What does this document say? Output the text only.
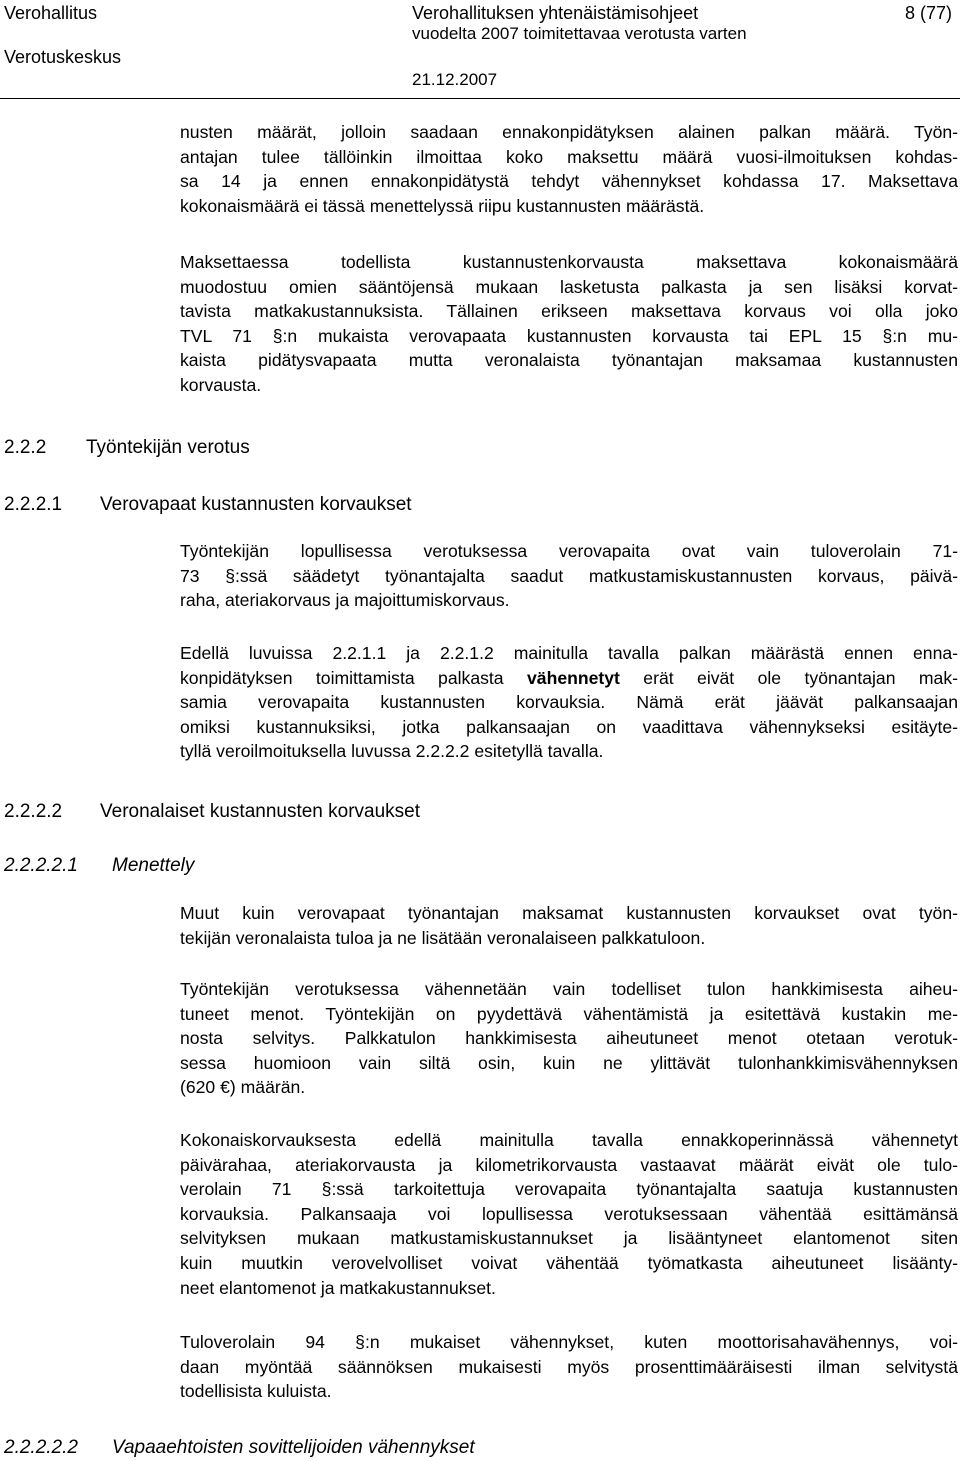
Verohallitus
Verotuskeskus
Verohallituksen yhtenäistämisohjeet
vuodelta 2007 toimitettavaa verotusta varten
21.12.2007
8 (77)
nusten määrät, jolloin saadaan ennakonpidätyksen alainen palkan määrä. Työn-
antajan tulee tällöinkin ilmoittaa koko maksettu määrä vuosi-ilmoituksen kohdas-
sa 14 ja ennen ennakonpidätystä tehdyt vähennykset kohdassa 17. Maksettava
kokonaismäärä ei tässä menettelyssä riipu kustannusten määrästä.
Maksettaessa todellista kustannustenkorvausta maksettava kokonaismäärä
muodostuu omien sääntöjensä mukaan lasketusta palkasta ja sen lisäksi korvat-
tavista matkakustannuksista. Tällainen erikseen maksettava korvaus voi olla joko
TVL 71 §:n mukaista verovapaata kustannusten korvausta tai EPL 15 §:n mu-
kaista pidätysvapaata mutta veronalaista työnantajan maksamaa kustannusten
korvausta.
2.2.2 Työntekijän verotus
2.2.2.1 Verovapaat kustannusten korvaukset
Työntekijän lopullisessa verotuksessa verovapaita ovat vain tuloverolain 71-
73 §:ssä säädetyt työnantajalta saadut matkustamiskustannusten korvaus, päivä-
raha, ateriakorvaus ja majoittumiskorvaus.
Edellä luvuissa 2.2.1.1 ja 2.2.1.2 mainitulla tavalla palkan määrästä ennen enna-
konpidätyksen toimittamista palkasta vähennetyt erät eivät ole työnantajan mak-
samia verovapaita kustannusten korvauksia. Nämä erät jäävät palkansaajan
omiksi kustannuksiksi, jotka palkansaajan on vaadittava vähennykseksi esitäyte-
tyllä veroilmoituksella luvussa 2.2.2.2 esitetyllä tavalla.
2.2.2.2 Veronalaiset kustannusten korvaukset
2.2.2.2.1 Menettely
Muut kuin verovapaat työnantajan maksamat kustannusten korvaukset ovat työn-
tekijän veronalaista tuloa ja ne lisätään veronalaiseen palkkatuloon.
Työntekijän verotuksessa vähennetään vain todelliset tulon hankkimisesta aiheu-
tuneet menot. Työntekijän on pyydettävä vähentämistä ja esitettävä kustakin me-
nosta selvitys. Palkkatulon hankkimisesta aiheutuneet menot otetaan verotuk-
sessa huomioon vain siltä osin, kuin ne ylittävät tulonhankkimisvähennyksen
(620 €) määrän.
Kokonaiskorvauksesta edellä mainitulla tavalla ennakkoperinnässä vähennetyt
päivärahaa, ateriakorvausta ja kilometrikorvausta vastaavat määrät eivät ole tulo-
verolain 71 §:ssä tarkoitettuja verovapaita työnantajalta saatuja kustannusten
korvauksia. Palkansaaja voi lopullisessa verotuksessaan vähentää esittämänsä
selvityksen mukaan matkustamiskustannukset ja lisääntyneet elantomenot siten
kuin muutkin verovelvolliset voivat vähentää työmatkasta aiheutuneet lisäänty-
neet elantomenot ja matkakustannukset.
Tuloverolain 94 §:n mukaiset vähennykset, kuten moottorisahavähennys, voi-
daan myöntää säännöksen mukaisesti myös prosenttimääräisesti ilman selvitystä
todellisista kuluista.
2.2.2.2.2 Vapaaehtoisten sovittelijoiden vähennykset
